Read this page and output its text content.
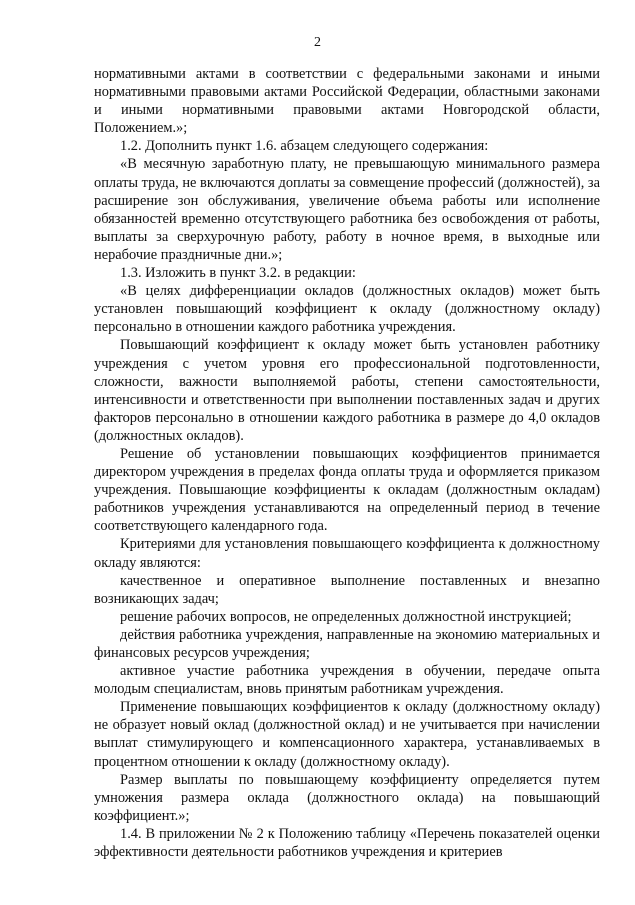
2

нормативными актами в соответствии с федеральными законами и иными нормативными правовыми актами Российской Федерации, областными законами и иными нормативными правовыми актами Новгородской области, Положением.»;

1.2. Дополнить пункт 1.6. абзацем следующего содержания:

«В месячную заработную плату, не превышающую минимального размера оплаты труда, не включаются доплаты за совмещение профессий (должностей), за расширение зон обслуживания, увеличение объема работы или исполнение обязанностей временно отсутствующего работника без освобождения от работы, выплаты за сверхурочную работу, работу в ночное время, в выходные или нерабочие праздничные дни.»;

1.3. Изложить в пункт 3.2. в редакции:

«В целях дифференциации окладов (должностных окладов) может быть установлен повышающий коэффициент к окладу (должностному окладу) персонально в отношении каждого работника учреждения.

Повышающий коэффициент к окладу может быть установлен работнику учреждения с учетом уровня его профессиональной подготовленности, сложности, важности выполняемой работы, степени самостоятельности, интенсивности и ответственности при выполнении поставленных задач и других факторов персонально в отношении каждого работника в размере до 4,0 окладов (должностных окладов).

Решение об установлении повышающих коэффициентов принимается директором учреждения в пределах фонда оплаты труда и оформляется приказом учреждения. Повышающие коэффициенты к окладам (должностным окладам) работников учреждения устанавливаются на определенный период в течение соответствующего календарного года.

Критериями для установления повышающего коэффициента к должностному окладу являются:

качественное и оперативное выполнение поставленных и внезапно возникающих задач;

решение рабочих вопросов, не определенных должностной инструкцией;

действия работника учреждения, направленные на экономию материальных и финансовых ресурсов учреждения;

активное участие работника учреждения в обучении, передаче опыта молодым специалистам, вновь принятым работникам учреждения.

Применение повышающих коэффициентов к окладу (должностному окладу) не образует новый оклад (должностной оклад) и не учитывается при начислении выплат стимулирующего и компенсационного характера, устанавливаемых в процентном отношении к окладу (должностному окладу).

Размер выплаты по повышающему коэффициенту определяется путем умножения размера оклада (должностного оклада) на повышающий коэффициент.»;

1.4. В приложении № 2 к Положению таблицу «Перечень показателей оценки эффективности деятельности работников учреждения и критериев
